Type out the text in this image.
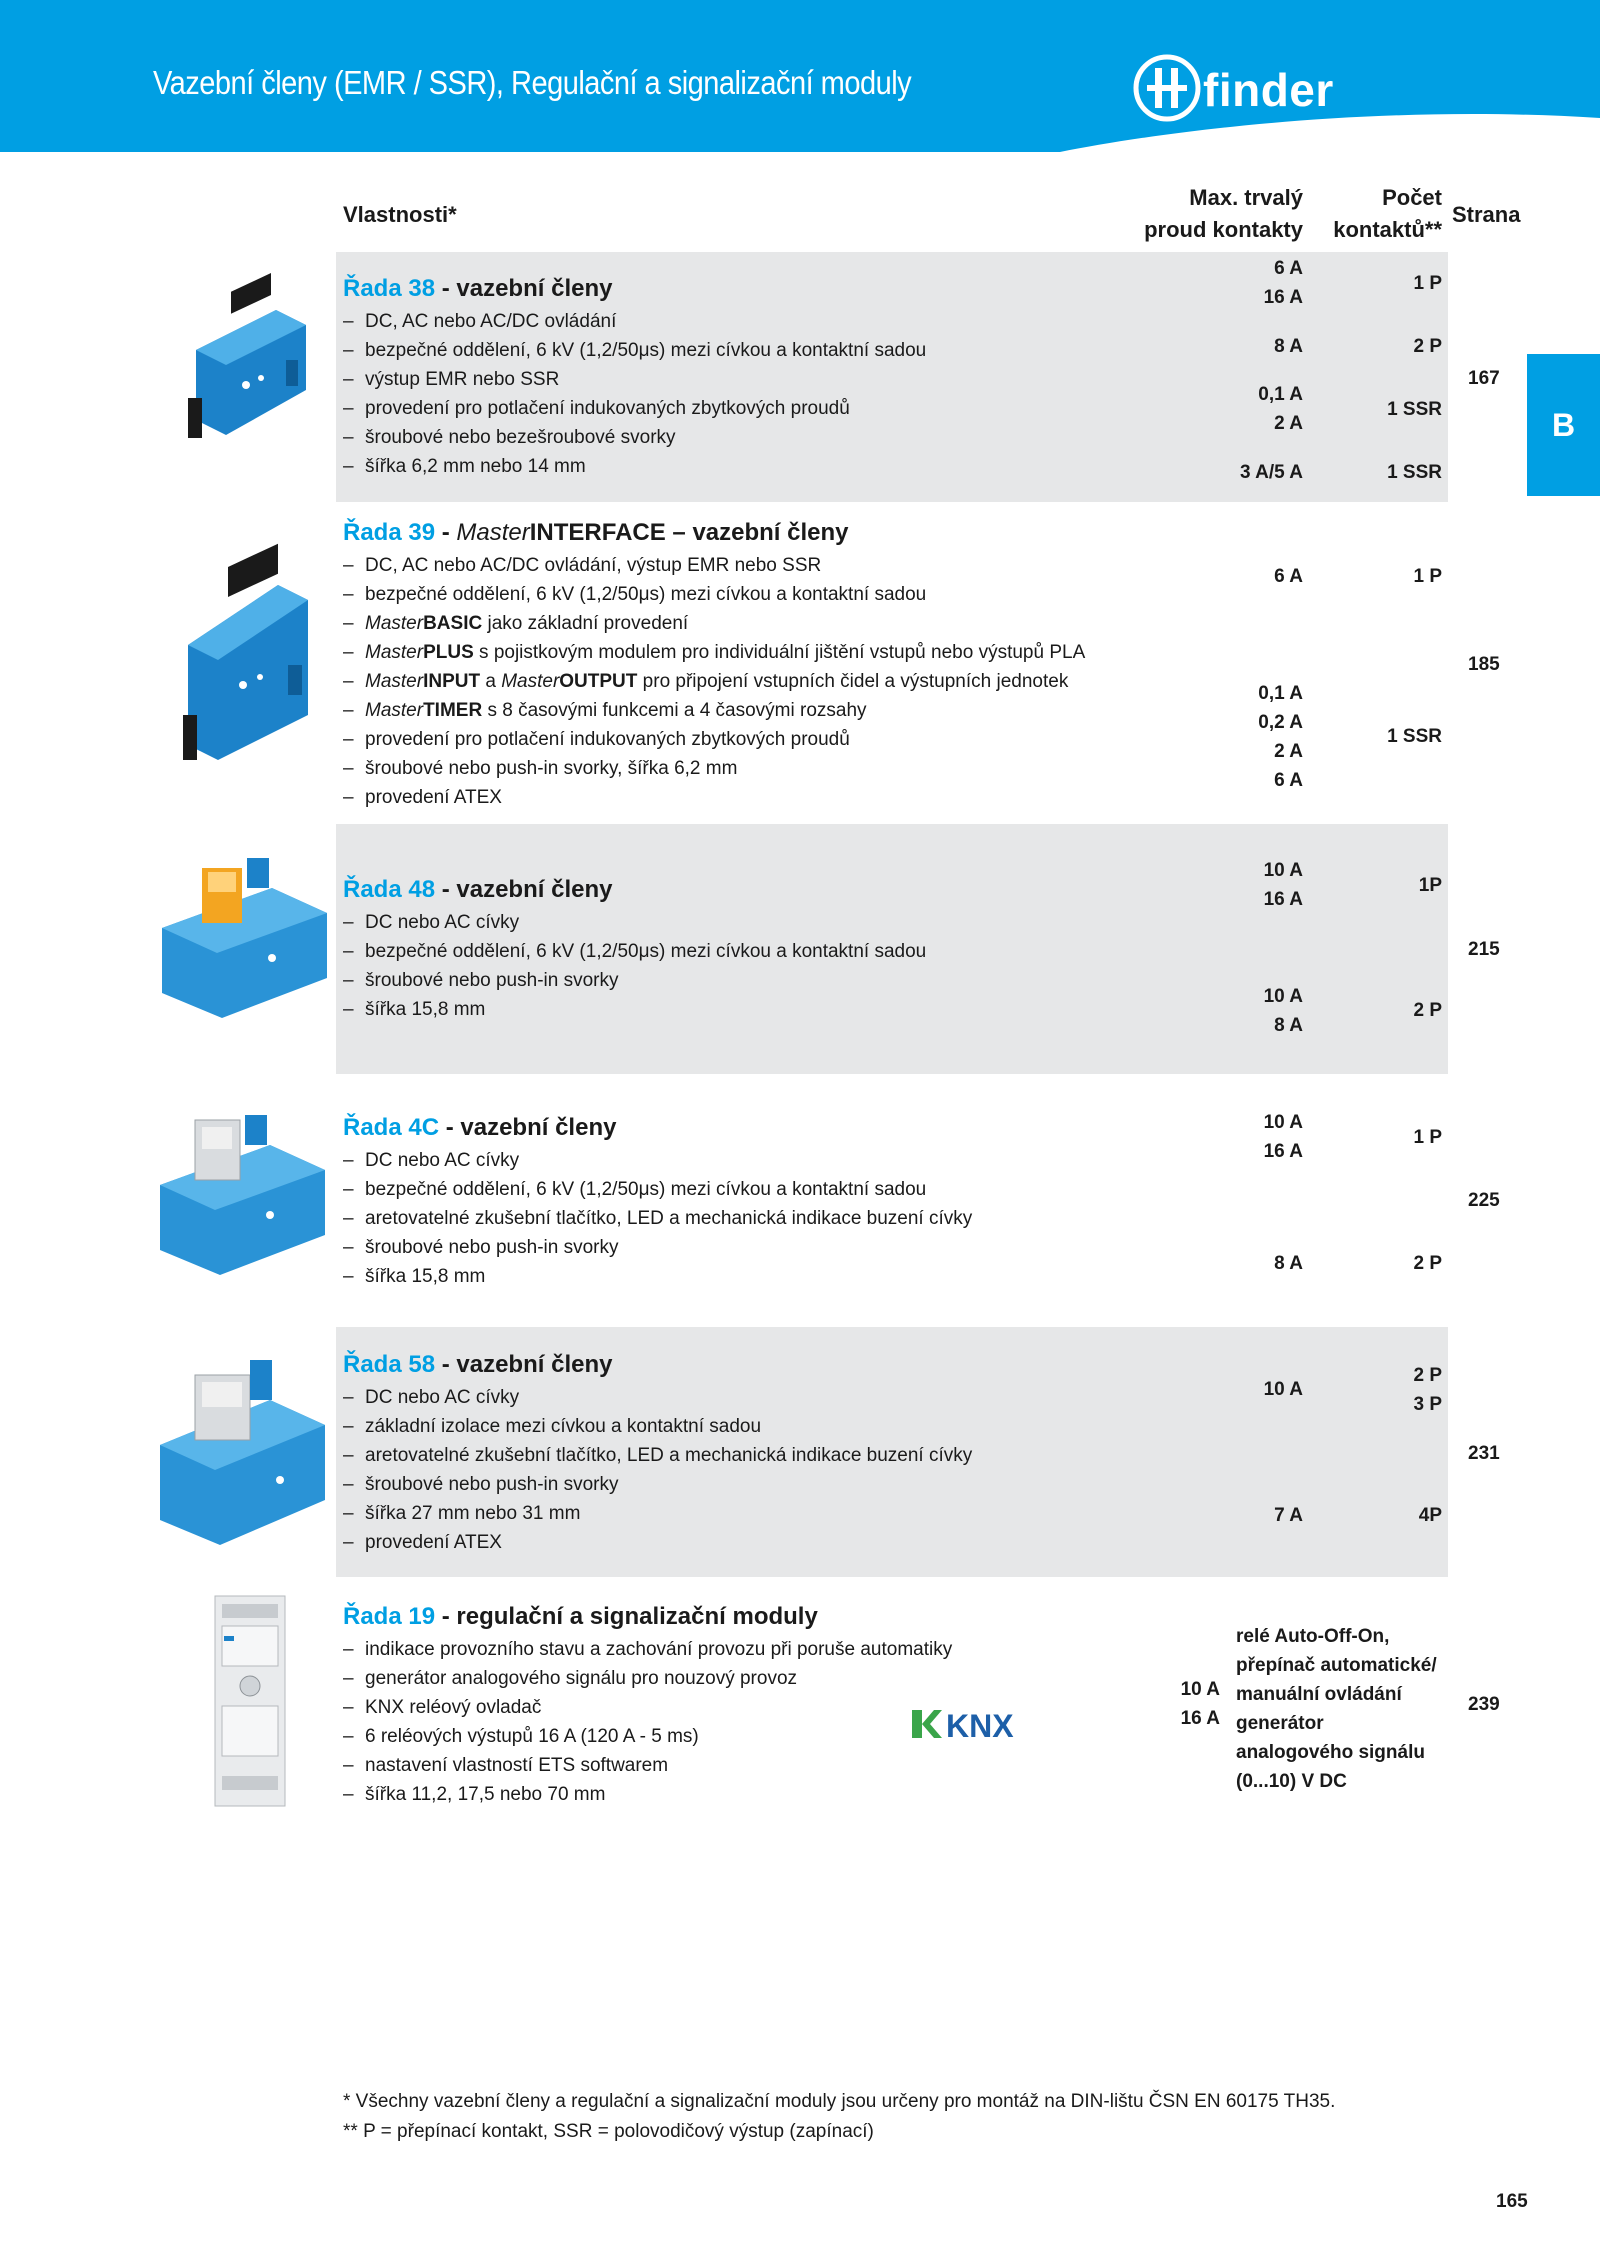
Vazební členy (EMR / SSR), Regulační a signalizační moduly	finder
B
Vlastnosti*
Max. trvalý
proud kontakty
Počet
kontaktů**
Strana
Řada 38 - vazební členy
– DC, AC nebo AC/DC ovládání
– bezpečné oddělení, 6 kV (1,2/50μs) mezi cívkou a kontaktní sadou
– výstup EMR nebo SSR
– provedení pro potlačení indukovaných zbytkových proudů
– šroubové nebo bezešroubové svorky
– šířka 6,2 mm nebo 14 mm
6 A
16 A
8 A
0,1 A
2 A
3 A/5 A
1 P
2 P
1 SSR
1 SSR
167
Řada 39 - MasterINTERFACE – vazební členy
– DC, AC nebo AC/DC ovládání, výstup EMR nebo SSR
– bezpečné oddělení, 6 kV (1,2/50μs) mezi cívkou a kontaktní sadou
– MasterBASIC jako základní provedení
– MasterPLUS s pojistkovým modulem pro individuální jištění vstupů nebo výstupů PLA
– MasterINPUT a MasterOUTPUT pro připojení vstupních čidel a výstupních jednotek
– MasterTIMER s 8 časovými funkcemi a 4 časovými rozsahy
– provedení pro potlačení indukovaných zbytkových proudů
– šroubové nebo push-in svorky, šířka 6,2 mm
– provedení ATEX
6 A
0,1 A
0,2 A
2 A
6 A
1 P
1 SSR
185
Řada 48 - vazební členy
– DC nebo AC cívky
– bezpečné oddělení, 6 kV (1,2/50μs) mezi cívkou a kontaktní sadou
– šroubové nebo push-in svorky
– šířka 15,8 mm
10 A
16 A
10 A
8 A
1P
2 P
215
Řada 4C - vazební členy
– DC nebo AC cívky
– bezpečné oddělení, 6 kV (1,2/50μs) mezi cívkou a kontaktní sadou
– aretovatelné zkušební tlačítko, LED a mechanická indikace buzení cívky
– šroubové nebo push-in svorky
– šířka 15,8 mm
10 A
16 A
8 A
1 P
2 P
225
Řada 58 - vazební členy
– DC nebo AC cívky
– základní izolace mezi cívkou a kontaktní sadou
– aretovatelné zkušební tlačítko, LED a mechanická indikace buzení cívky
– šroubové nebo push-in svorky
– šířka 27 mm nebo 31 mm
– provedení ATEX
10 A
7 A
2 P
3 P
4P
231
Řada 19 - regulační a signalizační moduly
– indikace provozního stavu a zachování provozu při poruše automatiky
– generátor analogového signálu pro nouzový provoz
– KNX reléový ovladač
– 6 reléových výstupů 16 A (120 A - 5 ms)
– nastavení vlastností ETS softwarem
– šířka 11,2, 17,5 nebo 70 mm
KNX
10 A
16 A
relé Auto-Off-On,
přepínač automatické/
manuální ovládání
generátor
analogového signálu
(0...10) V DC
239
* Všechny vazební členy a regulační a signalizační moduly jsou určeny pro montáž na DIN-lištu ČSN EN 60175 TH35.
** P = přepínací kontakt, SSR = polovodičový výstup (zapínací)
165
